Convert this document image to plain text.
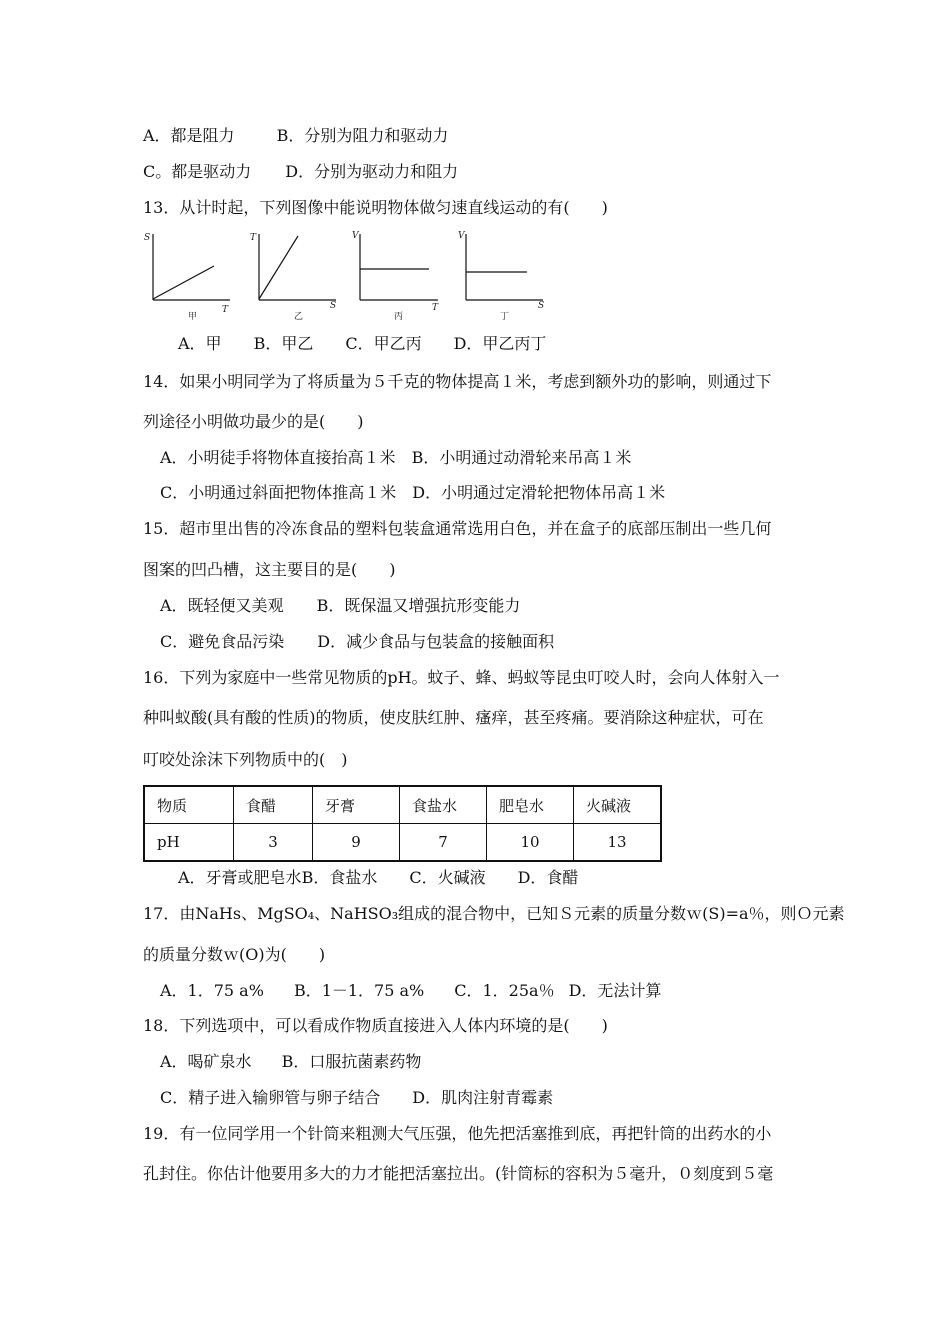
A．都是阻力	B．分别为阻力和驱动力
C。都是驱动力 D．分别为驱动力和阻力
13．从计时起，下列图像中能说明物体做匀速直线运动的有(　　)
S
T
甲
T
S
乙
V
T
丙
V
S
丁
A．甲 B．甲乙 C．甲乙丙 D．甲乙丙丁
14．如果小明同学为了将质量为５千克的物体提高１米，考虑到额外功的影响，则通过下
列途径小明做功最少的是(　　)
A．小明徒手将物体直接抬高１米 B．小明通过动滑轮来吊高１米
C．小明通过斜面把物体推高１米 D．小明通过定滑轮把物体吊高１米
15．超市里出售的冷冻食品的塑料包装盒通常选用白色，并在盒子的底部压制出一些几何
图案的凹凸槽，这主要目的是(　　)
A．既轻便又美观 B．既保温又增强抗形变能力
C．避免食品污染 D．减少食品与包装盒的接触面积
16．下列为家庭中一些常见物质的pH。蚊子、蜂、蚂蚁等昆虫叮咬人时，会向人体射入一
种叫蚁酸(具有酸的性质)的物质，使皮肤红肿、瘙痒，甚至疼痛。要消除这种症状，可在
叮咬处涂沫下列物质中的(　)
物质	食醋	牙膏	食盐水	肥皂水	火碱液
pH	3	9	7	10	13
A．牙膏或肥皂水B．食盐水 C．火碱液 D．食醋
17．由NaHs、MgSO₄、NaHSO₃组成的混合物中，已知Ｓ元素的质量分数ｗ(S)=a％，则Ｏ元素
的质量分数ｗ(O)为(　　)
A．1．75 a% B．1－1．75 a% C．1．25a％ D．无法计算
18．下列选项中，可以看成作物质直接进入人体内环境的是(　　)
A．喝矿泉水 B．口服抗菌素药物
C．精子进入输卵管与卵子结合 D．肌肉注射青霉素
19．有一位同学用一个针筒来粗测大气压强，他先把活塞推到底，再把针筒的出药水的小
孔封住。你估计他要用多大的力才能把活塞拉出。(针筒标的容积为５毫升，０刻度到５毫
